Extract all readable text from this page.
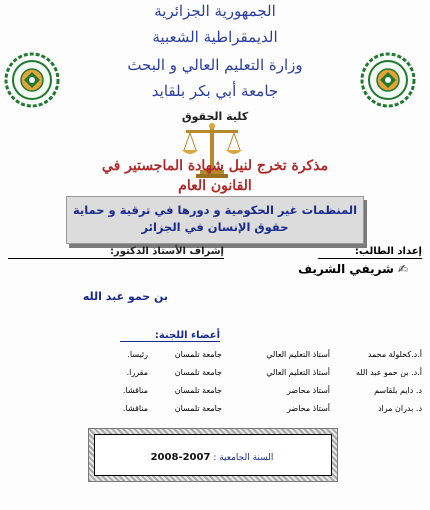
الجمهورية الجزائرية
الديمقراطية الشعبية
وزارة التعليم العالي و البحث
جامعة أبي بكر بلقايد
كلية الحقوق
مذكرة تخرج لنيل شهادة الماجستير في
القانون العام
المنظمات غير الحكومية و دورها في ترقية و حماية
حقوق الإنسان في الجزائر
إعداد الطالب:
✍شريفي الشريف
إشراف الأستاذ الدكتور:
بن حمو عبد الله
أعضاء اللجنة:
أ.د.كحلولة محمد
أستاذ التعليم العالي
جامعة تلمسان
رئيسا.
أ.د. بن حمو عبد الله
أستاذ التعليم العالي
جامعة تلمسان
مقررا.
د. دايم بلقاسم
أستاذ محاضر
جامعة تلمسان
مناقشا.
د. بدران مراد
أستاذ محاضر
جامعة تلمسان
مناقشا.
السنة الجامعية : 2007-2008
